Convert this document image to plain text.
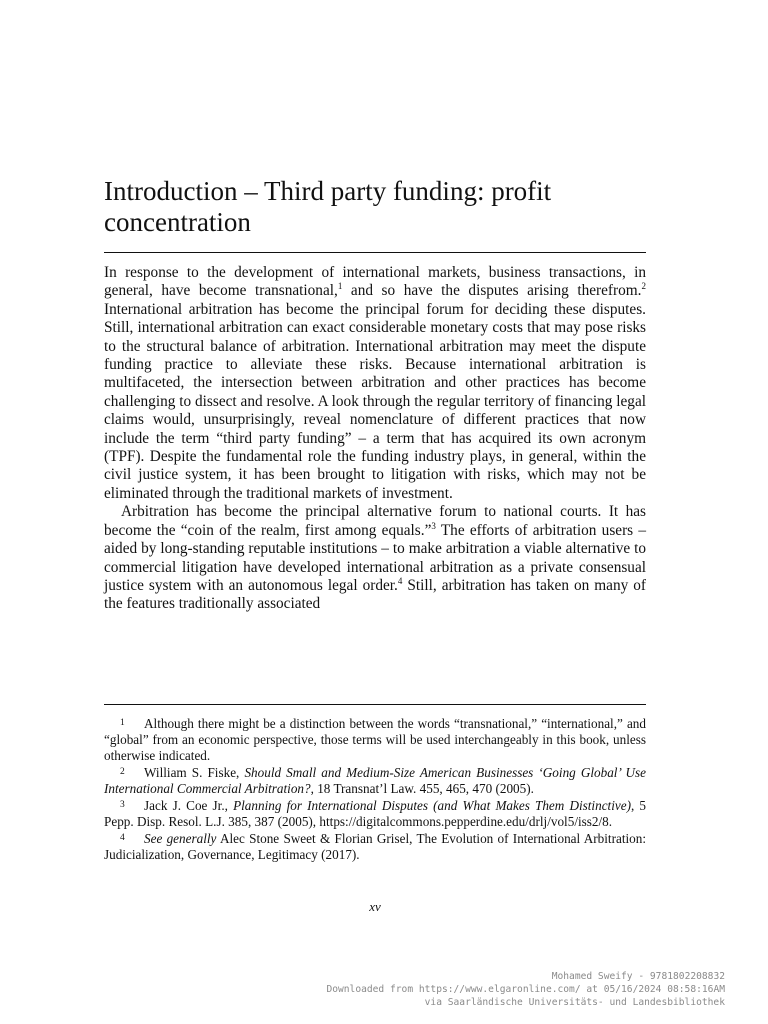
Introduction – Third party funding: profit concentration

In response to the development of international markets, business transactions, in general, have become transnational,$^1$ and so have the disputes arising therefrom.$^2$ International arbitration has become the principal forum for deciding these disputes. Still, international arbitration can exact considerable monetary costs that may pose risks to the structural balance of arbitration. International arbitration may meet the dispute funding practice to alleviate these risks. Because international arbitration is multifaceted, the intersection between arbitration and other practices has become challenging to dissect and resolve. A look through the regular territory of financing legal claims would, unsurprisingly, reveal nomenclature of different practices that now include the term “third party funding” – a term that has acquired its own acronym (TPF). Despite the fundamental role the funding industry plays, in general, within the civil justice system, it has been brought to litigation with risks, which may not be eliminated through the traditional markets of investment.

Arbitration has become the principal alternative forum to national courts. It has become the “coin of the realm, first among equals.”$^3$ The efforts of arbitration users – aided by long-standing reputable institutions – to make arbitration a viable alternative to commercial litigation have developed international arbitration as a private consensual justice system with an autonomous legal order.$^4$ Still, arbitration has taken on many of the features traditionally associated

1 Although there might be a distinction between the words “transnational,” “international,” and “global” from an economic perspective, those terms will be used interchangeably in this book, unless otherwise indicated.

2 William S. Fiske, Should Small and Medium-Size American Businesses ‘Going Global’ Use International Commercial Arbitration?, 18 Transnat’l Law. 455, 465, 470 (2005).

3 Jack J. Coe Jr., Planning for International Disputes (and What Makes Them Distinctive), 5 Pepp. Disp. Resol. L.J. 385, 387 (2005), https://digitalcommons.pepperdine.edu/drlj/vol5/iss2/8.

4 See generally Alec Stone Sweet & Florian Grisel, The Evolution of International Arbitration: Judicialization, Governance, Legitimacy (2017).

xv
Mohamed Sweify - 9781802208832
Downloaded from https://www.elgaronline.com/ at 05/16/2024 08:58:16AM
via Saarländische Universitäts- und Landesbibliothek
